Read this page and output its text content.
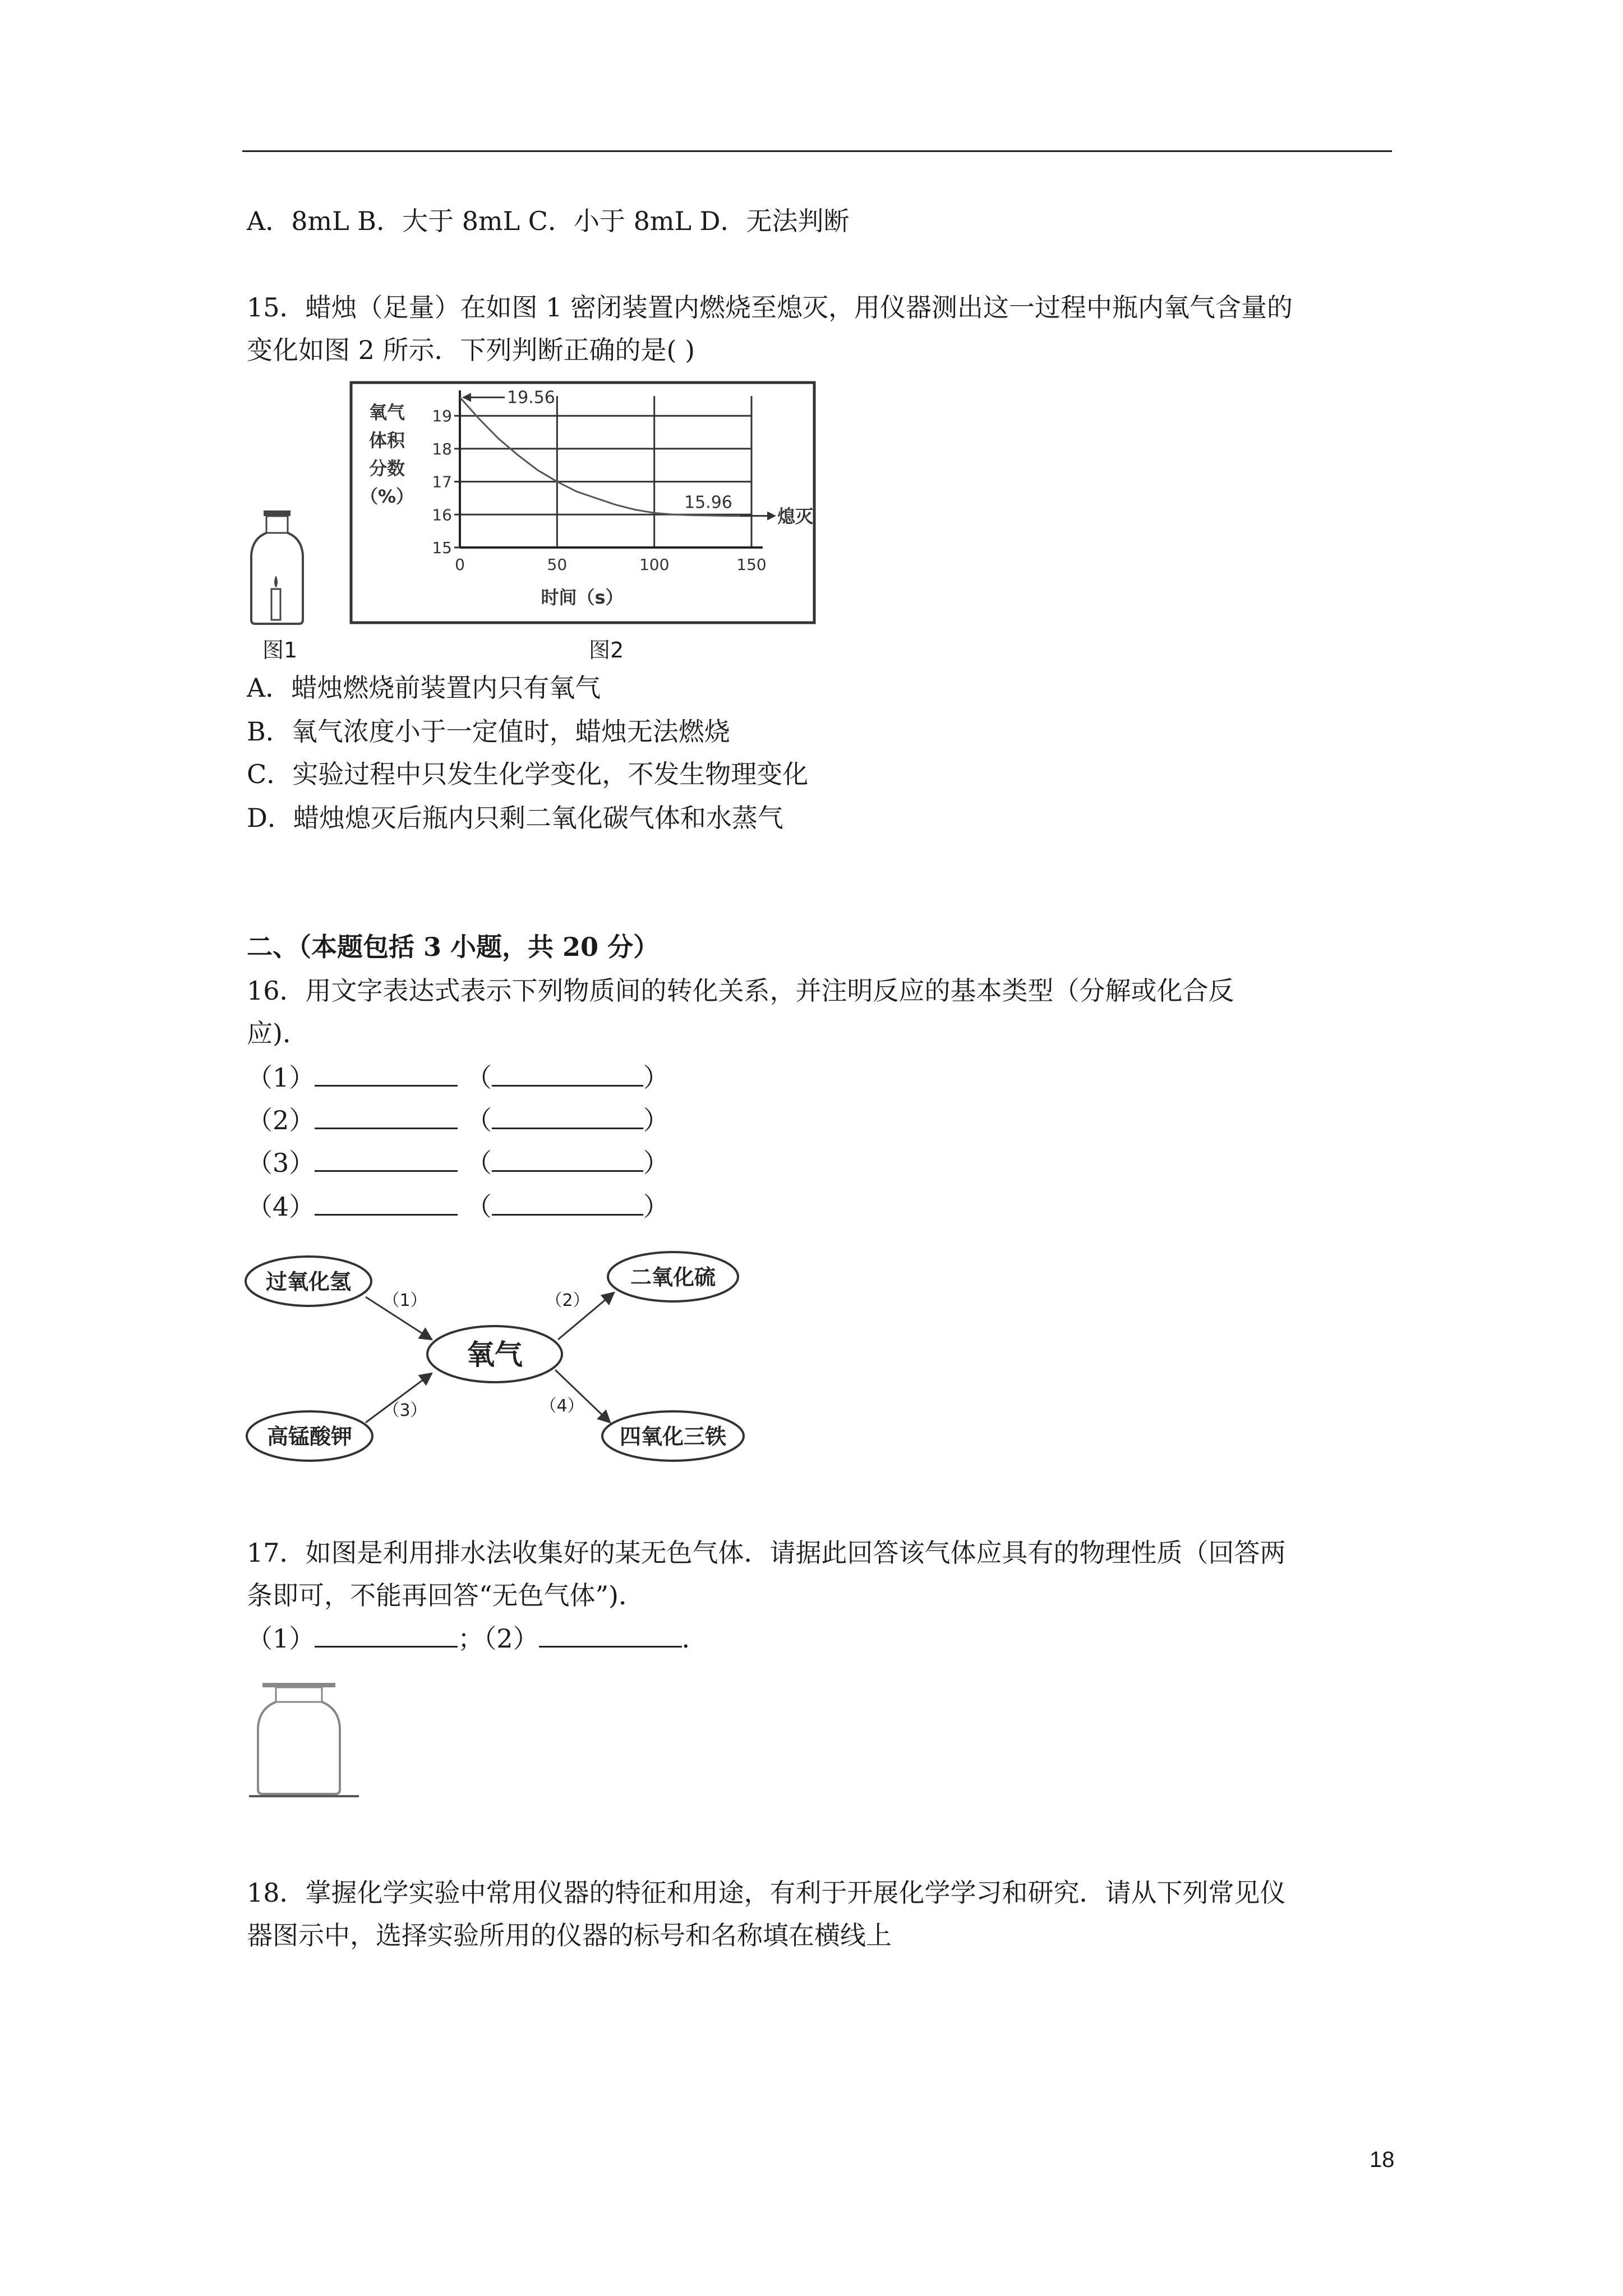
A．8mL B．大于 8mL C．小于 8mL D．无法判断
15．蜡烛（足量）在如图 1 密闭装置内燃烧至熄灭，用仪器测出这一过程中瓶内氧气含量的
变化如图 2 所示．下列判断正确的是( )
图1
15
16
17
18
19
0	50	100	150
氧气
体积
分数
（%）
19.56
15.96
熄灭
时间（s）
图2
A．蜡烛燃烧前装置内只有氧气
B．氧气浓度小于一定值时，蜡烛无法燃烧
C．实验过程中只发生化学变化，不发生物理变化
D．蜡烛熄灭后瓶内只剩二氧化碳气体和水蒸气
二、（本题包括 3 小题，共 20 分）
16．用文字表达式表示下列物质间的转化关系，并注明反应的基本类型（分解或化合反
应)．
（1）	（	）
（2）	（	）
（3）	（	）
（4）	（	）
过氧化氢
高锰酸钾
氧气
二氧化硫
四氧化三铁
（1）	（2）
（3）	（4）
17．如图是利用排水法收集好的某无色气体．请据此回答该气体应具有的物理性质（回答两
条即可，不能再回答“无色气体”)．
（1）	；（2）	．
18．掌握化学实验中常用仪器的特征和用途，有利于开展化学学习和研究．请从下列常见仪
器图示中，选择实验所用的仪器的标号和名称填在横线上
18
